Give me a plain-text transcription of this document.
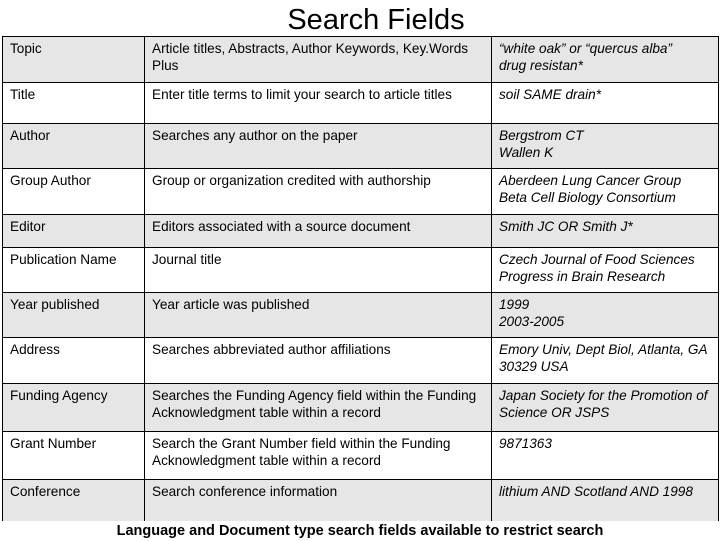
Search Fields
Topic	Article titles, Abstracts, Author Keywords, Key.Words Plus	“white oak” or “quercus alba”
drug resistan*

Title	Enter title terms to limit your search to article titles	soil SAME drain*

Author	Searches any author on the paper	Bergstrom CT
Wallen K

Group Author	Group or organization credited with authorship	Aberdeen Lung Cancer Group
Beta Cell Biology Consortium

Editor	Editors associated with a source document	Smith JC OR Smith J*

Publication Name	Journal title	Czech Journal of Food Sciences
Progress in Brain Research

Year published	Year article was published	1999
2003-2005

Address	Searches abbreviated author affiliations	Emory Univ, Dept Biol, Atlanta, GA 30329 USA

Funding Agency	Searches the Funding Agency field within the Funding Acknowledgment table within a record	Japan Society for the Promotion of Science OR JSPS

Grant Number	Search the Grant Number field within the Funding Acknowledgment table within a record	9871363

Conference	Search conference information	lithium AND Scotland AND 1998
Language and Document type search fields available to restrict search
